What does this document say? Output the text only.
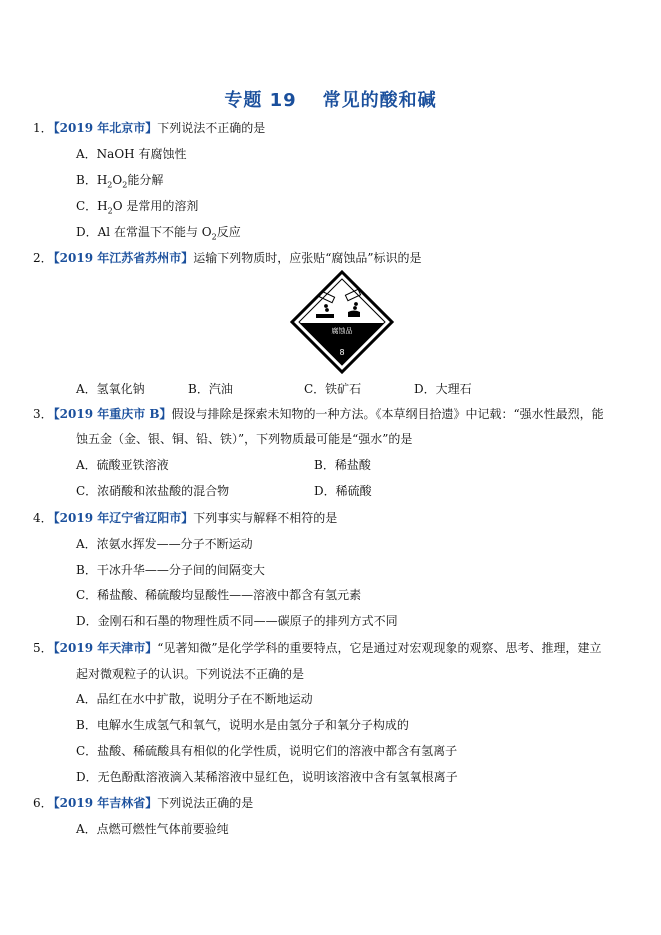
专题 19 常见的酸和碱
1．【2019 年北京市】下列说法不正确的是
A．NaOH 有腐蚀性
B．$H_2O_2$能分解
C．$H_2O$ 是常用的溶剂
D．Al 在常温下不能与 $O_2$反应
2．【2019 年江苏省苏州市】运输下列物质时，应张贴“腐蚀品”标识的是
腐蚀品
8
A．氢氧化钠	B．汽油	C．铁矿石	D．大理石
3．【2019 年重庆市 B】假设与排除是探索未知物的一种方法。《本草纲目拾遗》中记载：“强水性最烈，能
蚀五金（金、银、铜、铅、铁）”，下列物质最可能是“强水”的是
A．硫酸亚铁溶液	B．稀盐酸
C．浓硝酸和浓盐酸的混合物	D．稀硫酸
4．【2019 年辽宁省辽阳市】下列事实与解释不相符的是
A．浓氨水挥发——分子不断运动
B．干冰升华——分子间的间隔变大
C．稀盐酸、稀硫酸均显酸性——溶液中都含有氢元素
D．金刚石和石墨的物理性质不同——碳原子的排列方式不同
5．【2019 年天津市】“见著知微”是化学学科的重要特点，它是通过对宏观现象的观察、思考、推理，建立
起对微观粒子的认识。下列说法不正确的是
A．品红在水中扩散，说明分子在不断地运动
B．电解水生成氢气和氧气，说明水是由氢分子和氧分子构成的
C．盐酸、稀硫酸具有相似的化学性质，说明它们的溶液中都含有氢离子
D．无色酚酞溶液滴入某稀溶液中显红色，说明该溶液中含有氢氧根离子
6．【2019 年吉林省】下列说法正确的是
A．点燃可燃性气体前要验纯
